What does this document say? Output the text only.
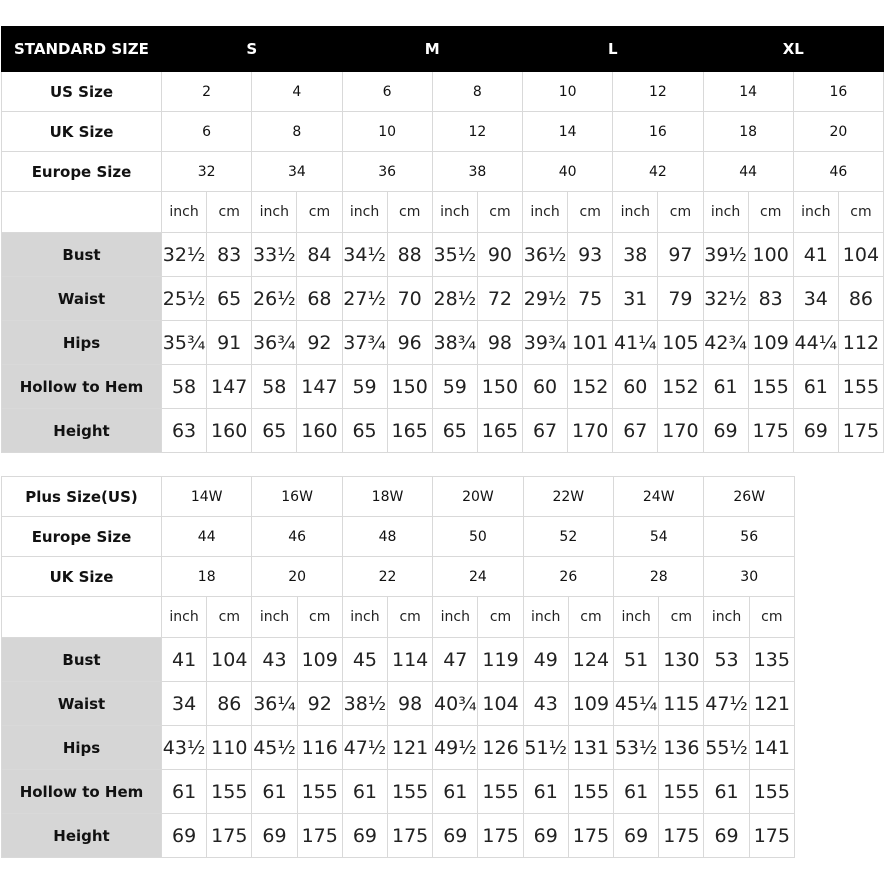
STANDARD SIZE	S				M				L				XL			
US Size	2		4		6		8		10		12		14		16	
UK Size	6		8		10		12		14		16		18		20	
Europe Size	32		34		36		38		40		42		44		46	
	inch	cm	inch	cm	inch	cm	inch	cm	inch	cm	inch	cm	inch	cm	inch	cm
Bust	32½	83	33½	84	34½	88	35½	90	36½	93	38	97	39½	100	41	104
Waist	25½	65	26½	68	27½	70	28½	72	29½	75	31	79	32½	83	34	86
Hips	35¾	91	36¾	92	37¾	96	38¾	98	39¾	101	41¼	105	42¾	109	44¼	112
Hollow to Hem	58	147	58	147	59	150	59	150	60	152	60	152	61	155	61	155
Height	63	160	65	160	65	165	65	165	67	170	67	170	69	175	69	175
Plus Size(US)	14W		16W		18W		20W		22W		24W		26W	
Europe Size	44		46		48		50		52		54		56	
UK Size	18		20		22		24		26		28		30	
	inch	cm	inch	cm	inch	cm	inch	cm	inch	cm	inch	cm	inch	cm
Bust	41	104	43	109	45	114	47	119	49	124	51	130	53	135
Waist	34	86	36¼	92	38½	98	40¾	104	43	109	45¼	115	47½	121
Hips	43½	110	45½	116	47½	121	49½	126	51½	131	53½	136	55½	141
Hollow to Hem	61	155	61	155	61	155	61	155	61	155	61	155	61	155
Height	69	175	69	175	69	175	69	175	69	175	69	175	69	175
